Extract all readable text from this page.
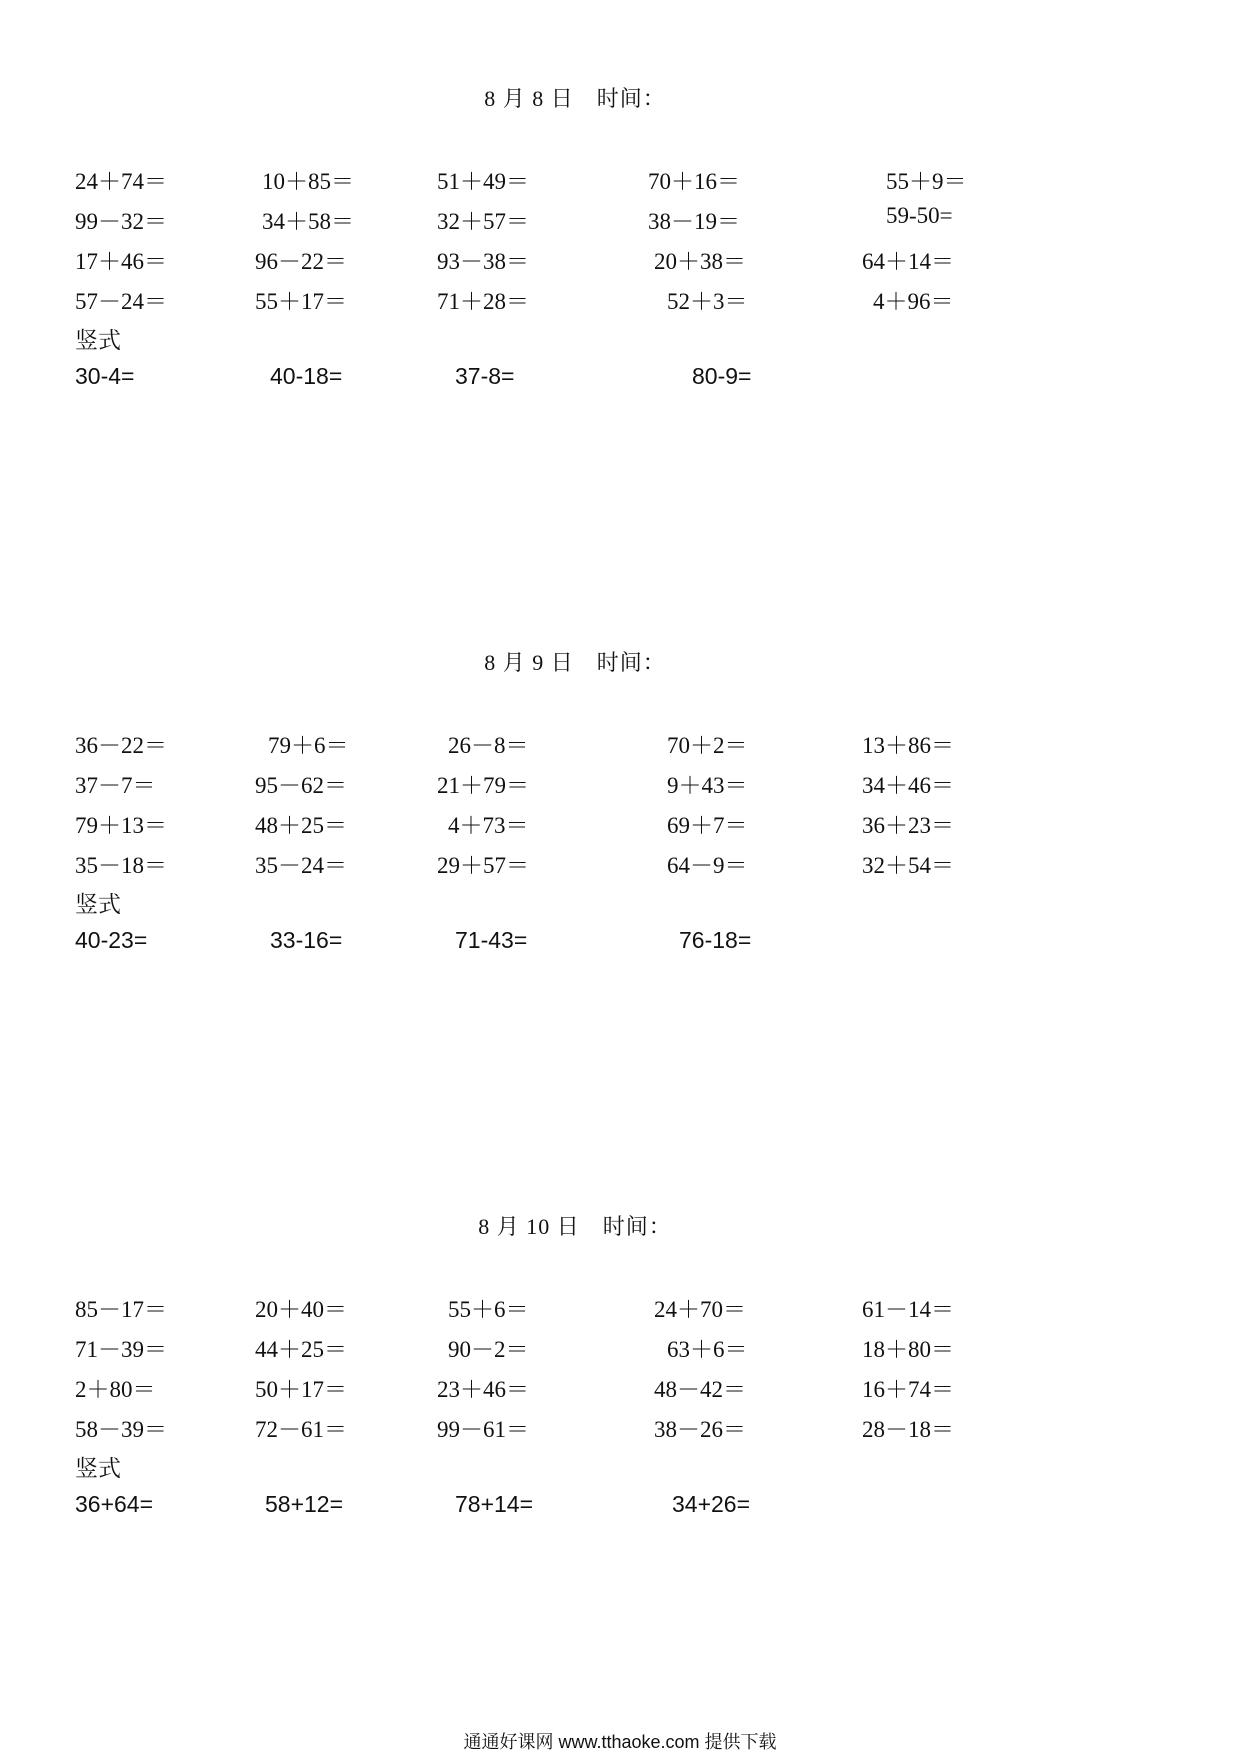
8 月 8 日　时间：
24＋74＝	10＋85＝	51＋49＝	70＋16＝	55＋9＝
99－32＝	34＋58＝	32＋57＝	38－19＝	59-50=
17＋46＝	96－22＝	93－38＝	20＋38＝	64＋14＝
57－24＝	55＋17＝	71＋28＝	52＋3＝	4＋96＝
竖式
30-4=	40-18=	37-8=	80-9=
8 月 9 日　时间：
36－22＝	79＋6＝	26－8＝	70＋2＝	13＋86＝
37－7＝	95－62＝	21＋79＝	9＋43＝	34＋46＝
79＋13＝	48＋25＝	4＋73＝	69＋7＝	36＋23＝
35－18＝	35－24＝	29＋57＝	64－9＝	32＋54＝
竖式
40-23=	33-16=	71-43=	76-18=
8 月 10 日　时间：
85－17＝	20＋40＝	55＋6＝	24＋70＝	61－14＝
71－39＝	44＋25＝	90－2＝	63＋6＝	18＋80＝
2＋80＝	50＋17＝	23＋46＝	48－42＝	16＋74＝
58－39＝	72－61＝	99－61＝	38－26＝	28－18＝
竖式
36+64=	58+12=	78+14=	34+26=
通通好课网 www.tthaoke.com 提供下载
